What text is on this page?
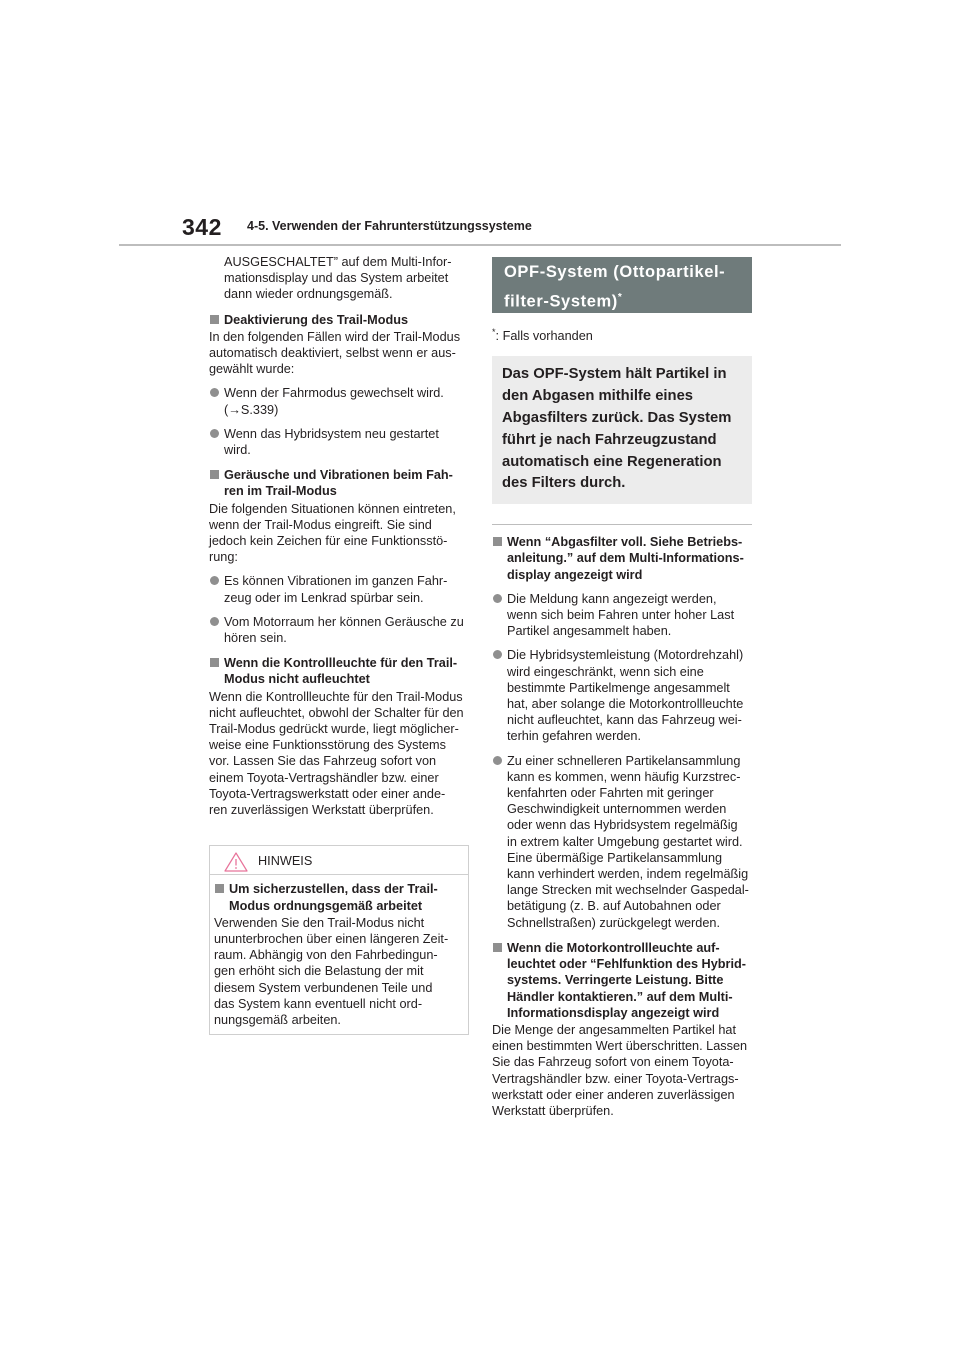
342 4-5. Verwenden der Fahrunterstützungssysteme

AUSGESCHALTET” auf dem Multi-Infor-
mationsdisplay und das System arbeitet
dann wieder ordnungsgemäß.

Deaktivierung des Trail-Modus

In den folgenden Fällen wird der Trail-Modus
automatisch deaktiviert, selbst wenn er aus-
gewählt wurde:

Wenn der Fahrmodus gewechselt wird.
(→S.339)

Wenn das Hybridsystem neu gestartet
wird.

Geräusche und Vibrationen beim Fah-
ren im Trail-Modus

Die folgenden Situationen können eintreten,
wenn der Trail-Modus eingreift. Sie sind
jedoch kein Zeichen für eine Funktionsstö-
rung:

Es können Vibrationen im ganzen Fahr-
zeug oder im Lenkrad spürbar sein.

Vom Motorraum her können Geräusche zu
hören sein.

Wenn die Kontrollleuchte für den Trail-
Modus nicht aufleuchtet

Wenn die Kontrollleuchte für den Trail-Modus
nicht aufleuchtet, obwohl der Schalter für den
Trail-Modus gedrückt wurde, liegt möglicher-
weise eine Funktionsstörung des Systems
vor. Lassen Sie das Fahrzeug sofort von
einem Toyota-Vertragshändler bzw. einer
Toyota-Vertragswerkstatt oder einer ande-
ren zuverlässigen Werkstatt überprüfen.

HINWEIS

Um sicherzustellen, dass der Trail-
Modus ordnungsgemäß arbeitet

Verwenden Sie den Trail-Modus nicht
ununterbrochen über einen längeren Zeit-
raum. Abhängig von den Fahrbedingun-
gen erhöht sich die Belastung der mit
diesem System verbundenen Teile und
das System kann eventuell nicht ord-
nungsgemäß arbeiten.

OPF-System (Ottopartikel-
filter-System)*

*: Falls vorhanden

Das OPF-System hält Partikel in
den Abgasen mithilfe eines
Abgasfilters zurück. Das System
führt je nach Fahrzeugzustand
automatisch eine Regeneration
des Filters durch.

Wenn “Abgasfilter voll. Siehe Betriebs-
anleitung.” auf dem Multi-Informations-
display angezeigt wird

Die Meldung kann angezeigt werden,
wenn sich beim Fahren unter hoher Last
Partikel angesammelt haben.

Die Hybridsystemleistung (Motordrehzahl)
wird eingeschränkt, wenn sich eine
bestimmte Partikelmenge angesammelt
hat, aber solange die Motorkontrollleuchte
nicht aufleuchtet, kann das Fahrzeug wei-
terhin gefahren werden.

Zu einer schnelleren Partikelansammlung
kann es kommen, wenn häufig Kurzstrec-
kenfahrten oder Fahrten mit geringer
Geschwindigkeit unternommen werden
oder wenn das Hybridsystem regelmäßig
in extrem kalter Umgebung gestartet wird.
Eine übermäßige Partikelansammlung
kann verhindert werden, indem regelmäßig
lange Strecken mit wechselnder Gaspedal-
betätigung (z. B. auf Autobahnen oder
Schnellstraßen) zurückgelegt werden.

Wenn die Motorkontrollleuchte auf-
leuchtet oder “Fehlfunktion des Hybrid-
systems. Verringerte Leistung. Bitte
Händler kontaktieren.” auf dem Multi-
Informationsdisplay angezeigt wird

Die Menge der angesammelten Partikel hat
einen bestimmten Wert überschritten. Lassen
Sie das Fahrzeug sofort von einem Toyota-
Vertragshändler bzw. einer Toyota-Vertrags-
werkstatt oder einer anderen zuverlässigen
Werkstatt überprüfen.
